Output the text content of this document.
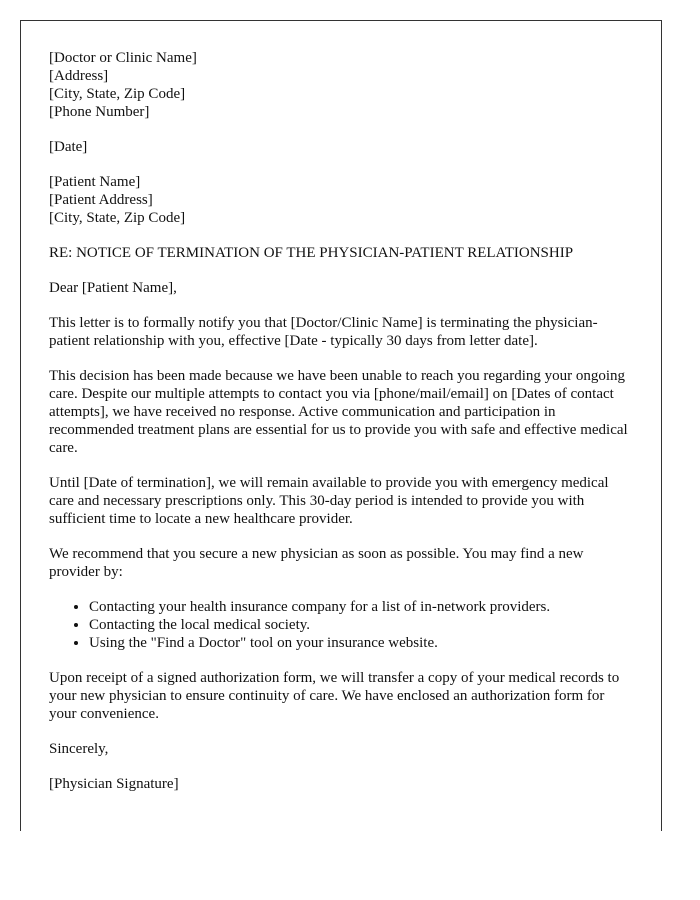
[Doctor or Clinic Name]
[Address]
[City, State, Zip Code]
[Phone Number]

[Date]

[Patient Name]
[Patient Address]
[City, State, Zip Code]

RE: NOTICE OF TERMINATION OF THE PHYSICIAN-PATIENT RELATIONSHIP

Dear [Patient Name],

This letter is to formally notify you that [Doctor/Clinic Name] is terminating the physician-patient relationship with you, effective [Date - typically 30 days from letter date].

This decision has been made because we have been unable to reach you regarding your ongoing care. Despite our multiple attempts to contact you via [phone/mail/email] on [Dates of contact attempts], we have received no response. Active communication and participation in recommended treatment plans are essential for us to provide you with safe and effective medical care.

Until [Date of termination], we will remain available to provide you with emergency medical care and necessary prescriptions only. This 30-day period is intended to provide you with sufficient time to locate a new healthcare provider.

We recommend that you secure a new physician as soon as possible. You may find a new provider by:

• Contacting your health insurance company for a list of in-network providers.
• Contacting the local medical society.
• Using the "Find a Doctor" tool on your insurance website.

Upon receipt of a signed authorization form, we will transfer a copy of your medical records to your new physician to ensure continuity of care. We have enclosed an authorization form for your convenience.

Sincerely,

[Physician Signature]
